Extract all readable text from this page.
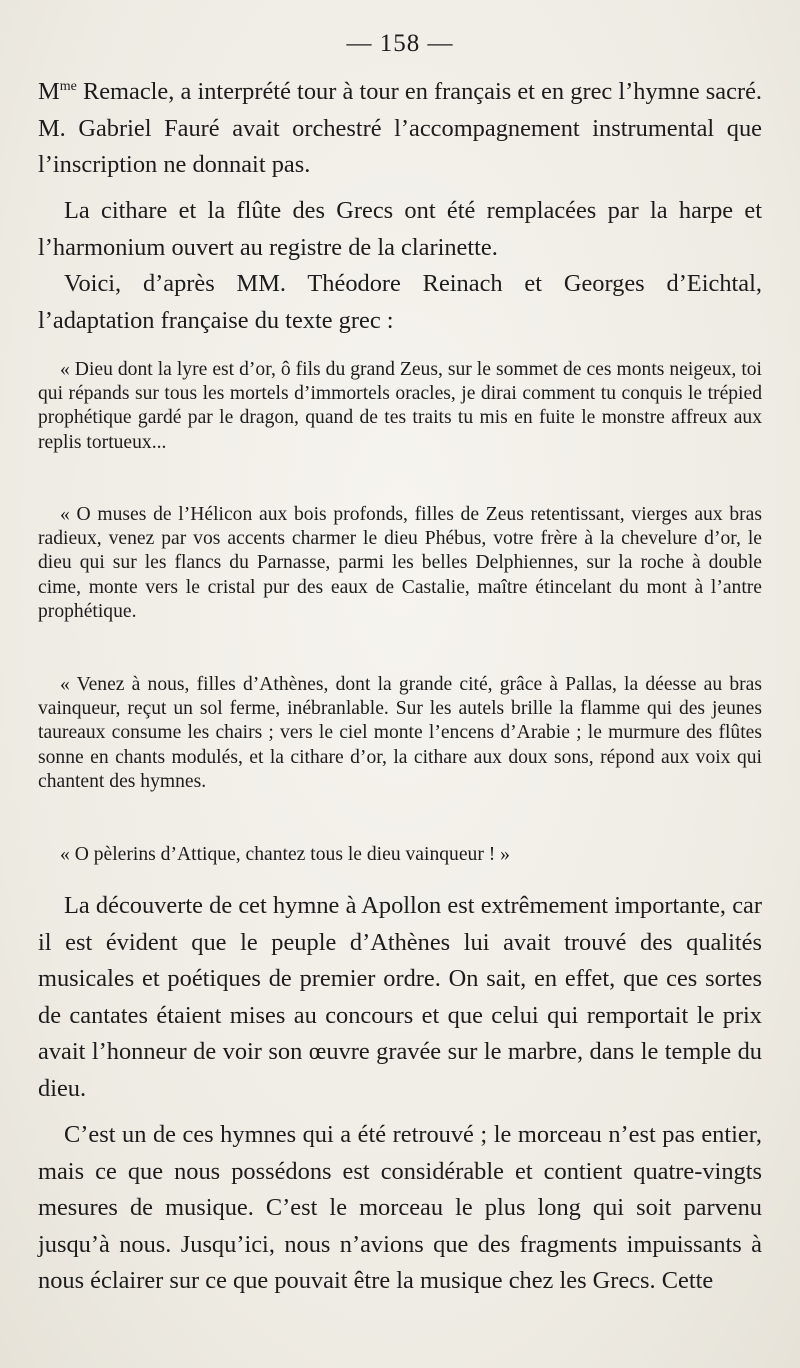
— 158 —

$M^{me}$ Remacle, a interprété tour à tour en français et en grec l’hymne sacré. M. Gabriel Fauré avait orchestré l’accompagnement instrumental que l’inscription ne donnait pas.

La cithare et la flûte des Grecs ont été remplacées par la harpe et l’harmonium ouvert au registre de la clarinette.

Voici, d’après MM. Théodore Reinach et Georges d’Eichtal, l’adaptation française du texte grec :

« Dieu dont la lyre est d’or, ô fils du grand Zeus, sur le sommet de ces monts neigeux, toi qui répands sur tous les mortels d’immortels oracles, je dirai comment tu conquis le trépied prophétique gardé par le dragon, quand de tes traits tu mis en fuite le monstre affreux aux replis tortueux...

« O muses de l’Hélicon aux bois profonds, filles de Zeus retentissant, vierges aux bras radieux, venez par vos accents charmer le dieu Phébus, votre frère à la chevelure d’or, le dieu qui sur les flancs du Parnasse, parmi les belles Delphiennes, sur la roche à double cime, monte vers le cristal pur des eaux de Castalie, maître étincelant du mont à l’antre prophétique.

« Venez à nous, filles d’Athènes, dont la grande cité, grâce à Pallas, la déesse au bras vainqueur, reçut un sol ferme, inébranlable. Sur les autels brille la flamme qui des jeunes taureaux consume les chairs ; vers le ciel monte l’encens d’Arabie ; le murmure des flûtes sonne en chants modulés, et la cithare d’or, la cithare aux doux sons, répond aux voix qui chantent des hymnes.

« O pèlerins d’Attique, chantez tous le dieu vainqueur ! »

La découverte de cet hymne à Apollon est extrêmement importante, car il est évident que le peuple d’Athènes lui avait trouvé des qualités musicales et poétiques de premier ordre. On sait, en effet, que ces sortes de cantates étaient mises au concours et que celui qui remportait le prix avait l’honneur de voir son œuvre gravée sur le marbre, dans le temple du dieu.

C’est un de ces hymnes qui a été retrouvé ; le morceau n’est pas entier, mais ce que nous possédons est considérable et contient quatre-vingts mesures de musique. C’est le morceau le plus long qui soit parvenu jusqu’à nous. Jusqu’ici, nous n’avions que des fragments impuissants à nous éclairer sur ce que pouvait être la musique chez les Grecs. Cette
